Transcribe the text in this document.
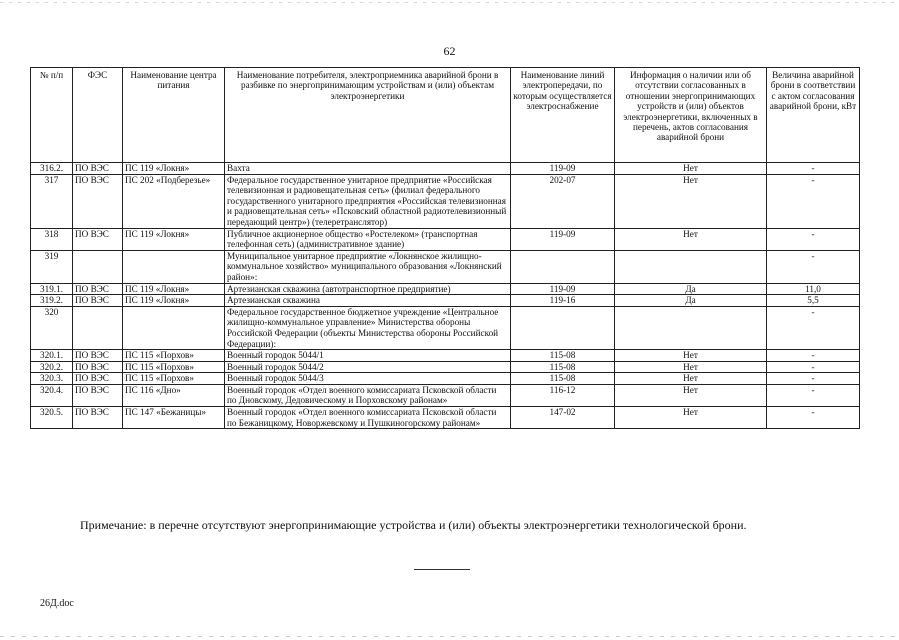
62
№ п/п	ФЭС	Наименование центра питания	Наименование потребителя, электроприемника аварийной брони в разбивке по энергопринимающим устройствам и (или) объектам электроэнергетики	Наименование линий электропередачи, по которым осуществляется электроснабжение	Информация о наличии или об отсутствии согласованных в отношении энергопринимающих устройств и (или) объектов электроэнергетики, включенных в перечень, актов согласования аварийной брони	Величина аварийной брони в соответствии с актом согласования аварийной брони, кВт
316.2.	ПО ВЭС	ПС 119 «Локня»	Вахта	119-09	Нет	-
317	ПО ВЭС	ПС 202 «Подберезье»	Федеральное государственное унитарное предприятие «Российская телевизионная и радиовещательная сеть» (филиал федерального государственного унитарного предприятия «Российская телевизионная и радиовещательная сеть» «Псковский областной радиотелевизионный передающий центр») (телеретранслятор)	202-07	Нет	-
318	ПО ВЭС	ПС 119 «Локня»	Публичное акционерное общество «Ростелеком» (транспортная телефонная сеть) (административное здание)	119-09	Нет	-
319			Муниципальное унитарное предприятие «Локнянское жилищно-коммунальное хозяйство» муниципального образования «Локнянский район»:			-
319.1.	ПО ВЭС	ПС 119 «Локня»	Артезианская скважина (автотранспортное предприятие)	119-09	Да	11,0
319.2.	ПО ВЭС	ПС 119 «Локня»	Артезианская скважина	119-16	Да	5,5
320			Федеральное государственное бюджетное учреждение «Центральное жилищно-коммунальное управление» Министерства обороны Российской Федерации (объекты Министерства обороны Российской Федерации):			-
320.1.	ПО ВЭС	ПС 115 «Порхов»	Военный городок 5044/1	115-08	Нет	-
320.2.	ПО ВЭС	ПС 115 «Порхов»	Военный городок 5044/2	115-08	Нет	-
320.3.	ПО ВЭС	ПС 115 «Порхов»	Военный городок 5044/3	115-08	Нет	-
320.4.	ПО ВЭС	ПС 116 «Дно»	Военный городок «Отдел военного комиссариата Псковской области по Дновскому, Дедовическому и Порховскому районам»	116-12	Нет	-
320.5.	ПО ВЭС	ПС 147 «Бежаницы»	Военный городок «Отдел военного комиссариата Псковской области по Бежаницкому, Новоржевскому и Пушкиногорскому районам»	147-02	Нет	-
Примечание: в перечне отсутствуют энергопринимающие устройства и (или) объекты электроэнергетики технологической брони.
26Д.doc
